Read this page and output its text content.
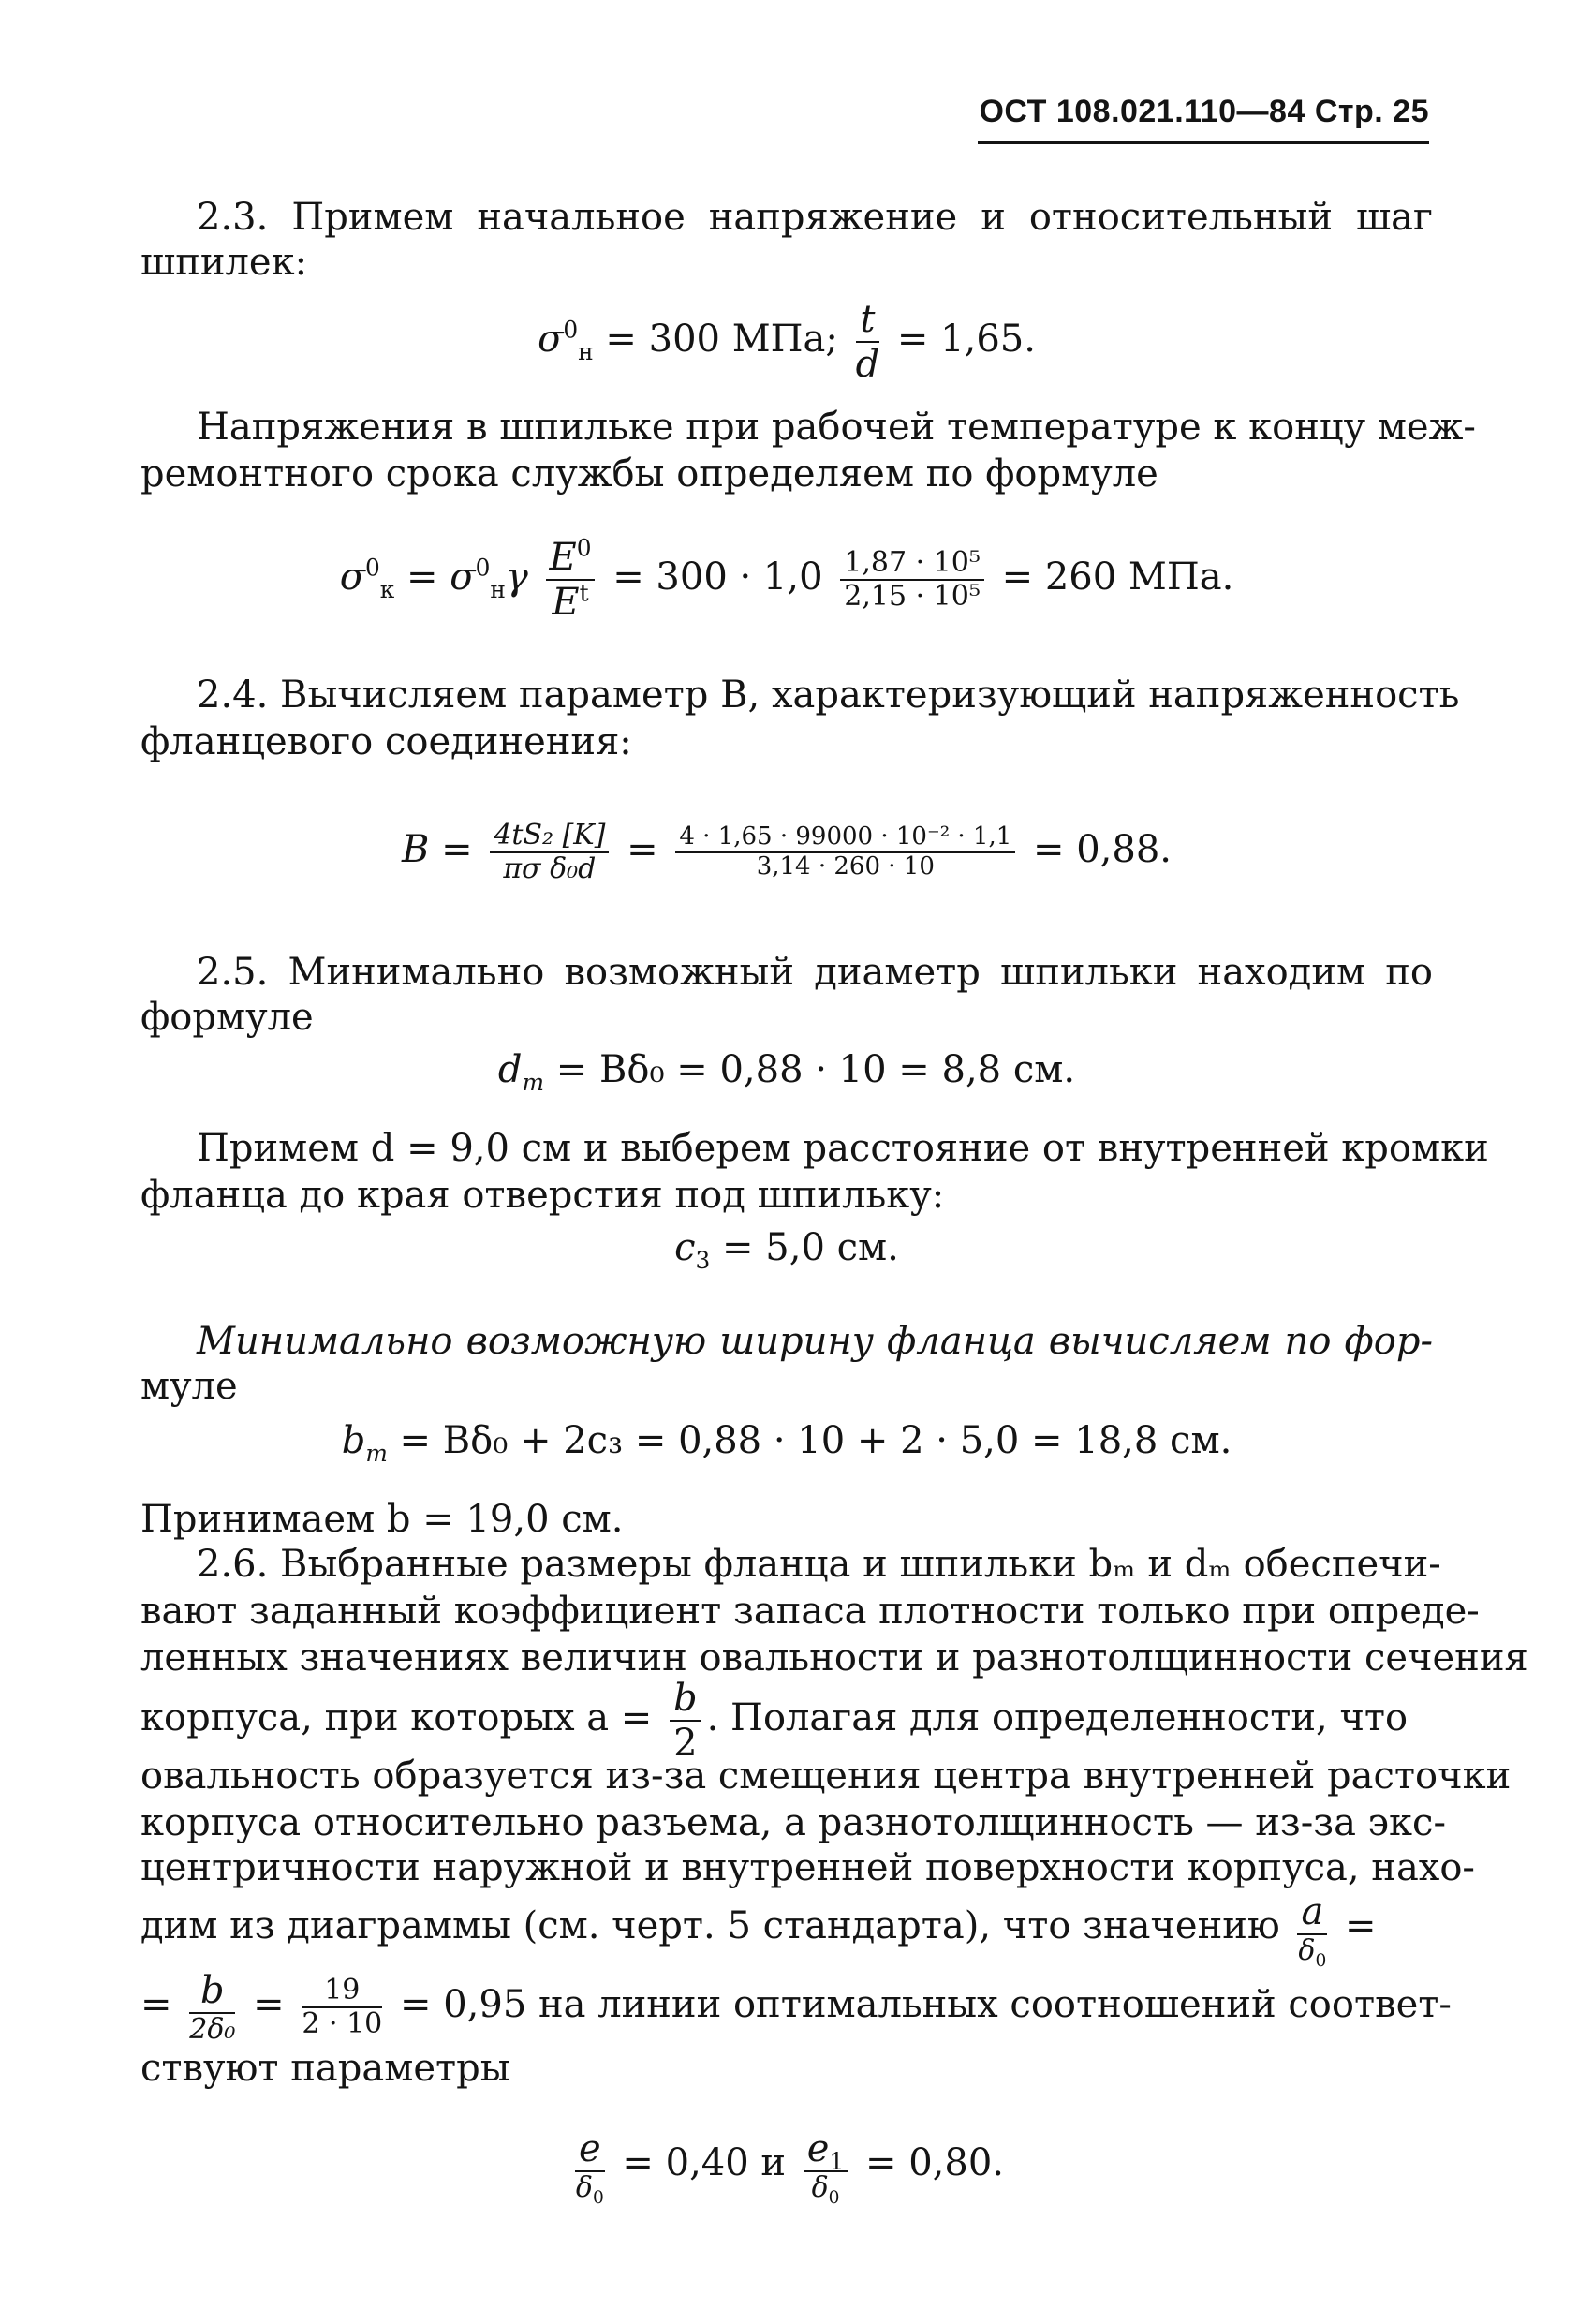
ОСТ 108.021.110—84 Стр. 25
2.3. Примем начальное напряжение и относительный шаг
шпилек:
$\sigma^0_н = 300$ МПа; $\frac{t}{d} = 1,65$.
Напряжения в шпильке при рабочей температуре к концу меж-
ремонтного срока службы определяем по формуле
$\sigma^0_к = \sigma^0_н\gamma \frac{E^0}{E^t} = 300 \cdot 1,0 \frac{\text{1,87 · 10⁵}}{\text{2,15 · 10⁵}} = 260$ МПа.
2.4. Вычисляем параметр B, характеризующий напряженность
фланцевого соединения:
$B = \frac{\text{4tS₂ [K]}}{\text{πσ δ₀d}} = \frac{\text{4 · 1,65 · 99000 · 10⁻² · 1,1}}{3,14 \cdot 260 \cdot 10} = 0,88$.
2.5. Минимально возможный диаметр шпильки находим по
формуле
$d_m = B\delta_0 = 0,88 \cdot 10 = 8,8$ см.
Примем d = 9,0 см и выберем расстояние от внутренней кромки
фланца до края отверстия под шпильку:
$c_3 = 5,0$ см.
Минимально возможную ширину фланца вычисляем по фор-
муле
$b_m = B\delta_0 + 2c_3 = 0,88 \cdot 10 + 2 \cdot 5,0 = 18,8$ см.
Принимаем b = 19,0 см.
2.6. Выбранные размеры фланца и шпильки bₘ и dₘ обеспечи-
вают заданный коэффициент запаса плотности только при опреде-
ленных значениях величин овальности и разнотолщинности сечения
корпуса, при которых $a = \frac{b}{2}$ . Полагая для определенности, что
овальность образуется из-за смещения центра внутренней расточки
корпуса относительно разъема, а разнотолщинность — из-за экс-
центричности наружной и внутренней поверхности корпуса, нахо-
дим из диаграммы (см. черт. 5 стандарта), что значению a
$\delta_0$
=
= b
2δ₀
= $\frac{19}{2 \cdot 10} = 0,95$ на линии оптимальных соотношений соответ-
ствуют параметры
e
$\delta_0$
= 0,40 и $e_1$
$\delta_0$
= 0,80.
